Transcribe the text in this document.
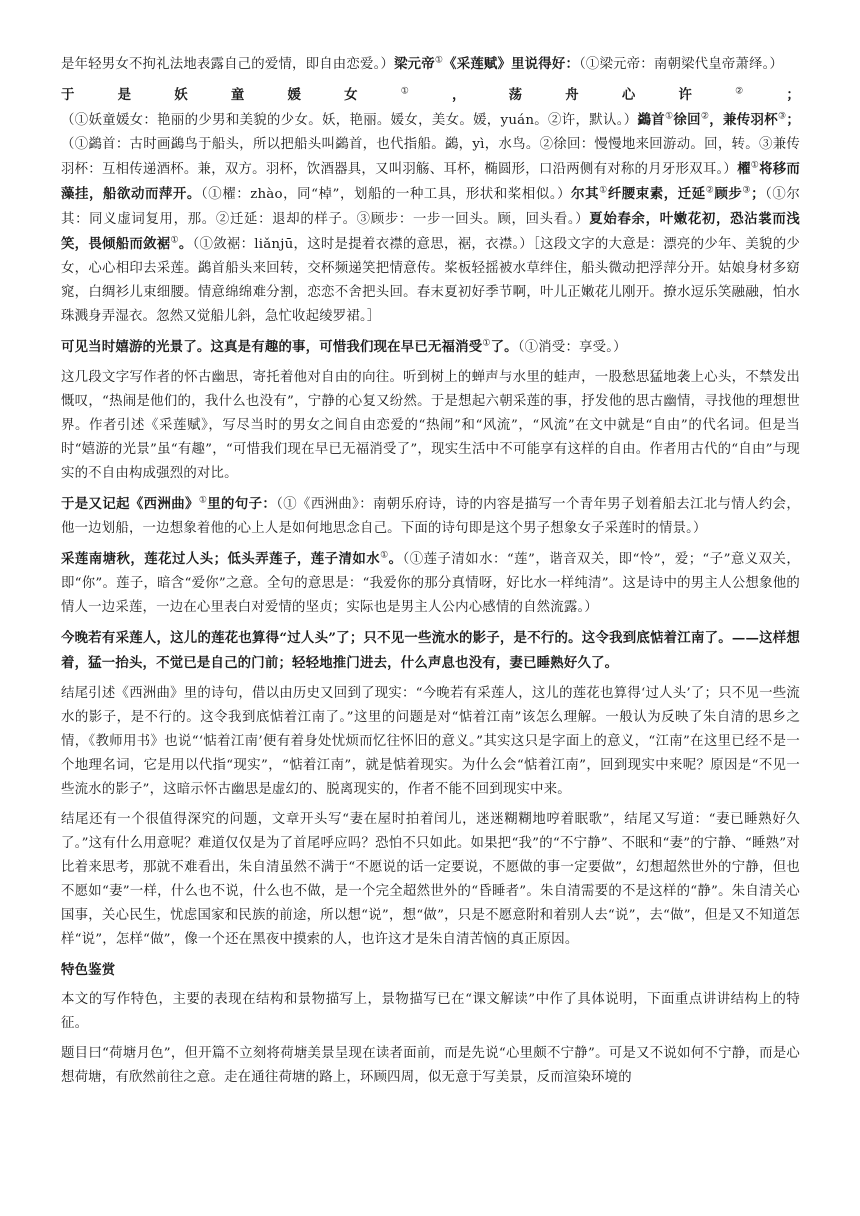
是年轻男女不拘礼法地表露自己的爱情，即自由恋爱。）梁元帝①《采莲赋》里说得好：（①梁元帝：南朝梁代皇帝萧绎。）

于是妖童媛女①，荡舟心许②；（①妖童媛女：艳丽的少男和美貌的少女。妖，艳丽。媛女，美女。媛，yuán。②许，默认。）鷁首①徐回②，兼传羽杯③；（①鷁首：古时画鷁鸟于船头，所以把船头叫鷁首，也代指船。鷁，yì，水鸟。②徐回：慢慢地来回游动。回，转。③兼传羽杯：互相传递酒杯。兼，双方。羽杯，饮酒器具，又叫羽觞、耳杯，椭圆形，口沿两侧有对称的月牙形双耳。）櫂①将移而藻挂，船欲动而萍开。（①櫂：zhào，同“棹”，划船的一种工具，形状和桨相似。）尔其①纤腰束素，迁延②顾步③；（①尔其：同义虚词复用，那。②迁延：退却的样子。③顾步：一步一回头。顾，回头看。）夏始春余，叶嫩花初，恐沾裳而浅笑，畏倾船而敛裾①。（①敛裾：liǎnjū，这时是提着衣襟的意思，裾，衣襟。）［这段文字的大意是：漂亮的少年、美貌的少女，心心相印去采莲。鷁首船头来回转，交杯频递笑把情意传。桨板轻摇被水草绊住，船头微动把浮萍分开。姑娘身材多窈窕，白绸衫儿束细腰。情意绵绵难分割，恋恋不舍把头回。春末夏初好季节啊，叶儿正嫩花儿刚开。撩水逗乐笑融融，怕水珠溅身弄湿衣。忽然又觉船儿斜，急忙收起绫罗裙。］

可见当时嬉游的光景了。这真是有趣的事，可惜我们现在早已无福消受①了。（①消受：享受。）

这几段文字写作者的怀古幽思，寄托着他对自由的向往。听到树上的蝉声与水里的蛙声，一股愁思猛地袭上心头，不禁发出慨叹，“热闹是他们的，我什么也没有”，宁静的心复又纷然。于是想起六朝采莲的事，抒发他的思古幽情，寻找他的理想世界。作者引述《采莲赋》，写尽当时的男女之间自由恋爱的“热闹”和“风流”，“风流”在文中就是“自由”的代名词。但是当时“嬉游的光景”虽“有趣”，“可惜我们现在早已无福消受了”，现实生活中不可能享有这样的自由。作者用古代的“自由”与现实的不自由构成强烈的对比。

于是又记起《西洲曲》①里的句子：（①《西洲曲》：南朝乐府诗，诗的内容是描写一个青年男子划着船去江北与情人约会，他一边划船，一边想象着他的心上人是如何地思念自己。下面的诗句即是这个男子想象女子采莲时的情景。）

采莲南塘秋，莲花过人头；低头弄莲子，莲子清如水①。（①莲子清如水：“莲”，谐音双关，即“怜”，爱；“子”意义双关，即“你”。莲子，暗含“爱你”之意。全句的意思是：“我爱你的那分真情呀，好比水一样纯清”。这是诗中的男主人公想象他的情人一边采莲，一边在心里表白对爱情的坚贞；实际也是男主人公内心感情的自然流露。）

今晚若有采莲人，这儿的莲花也算得“过人头”了；只不见一些流水的影子，是不行的。这令我到底惦着江南了。——这样想着，猛一抬头，不觉已是自己的门前；轻轻地推门进去，什么声息也没有，妻已睡熟好久了。

结尾引述《西洲曲》里的诗句，借以由历史又回到了现实：“今晚若有采莲人，这儿的莲花也算得‘过人头’了；只不见一些流水的影子，是不行的。这令我到底惦着江南了。”这里的问题是对“惦着江南”该怎么理解。一般认为反映了朱自清的思乡之情，《教师用书》也说“‘惦着江南’便有着身处忧烦而忆往怀旧的意义。”其实这只是字面上的意义，“江南”在这里已经不是一个地理名词，它是用以代指“现实”，“惦着江南”，就是惦着现实。为什么会“惦着江南”，回到现实中来呢？原因是“不见一些流水的影子”，这暗示怀古幽思是虚幻的、脱离现实的，作者不能不回到现实中来。

结尾还有一个很值得深究的问题，文章开头写“妻在屋时拍着闰儿，迷迷糊糊地哼着眠歌”，结尾又写道：“妻已睡熟好久了。”这有什么用意呢？难道仅仅是为了首尾呼应吗？恐怕不只如此。如果把“我”的“不宁静”、不眠和“妻”的宁静、“睡熟”对比着来思考，那就不难看出，朱自清虽然不满于“不愿说的话一定要说，不愿做的事一定要做”，幻想超然世外的宁静，但也不愿如“妻”一样，什么也不说，什么也不做，是一个完全超然世外的“昏睡者”。朱自清需要的不是这样的“静”。朱自清关心国事，关心民生，忧虑国家和民族的前途，所以想“说”，想“做”，只是不愿意附和着别人去“说”，去“做”，但是又不知道怎样“说”，怎样“做”，像一个还在黑夜中摸索的人，也许这才是朱自清苦恼的真正原因。

特色鉴赏

本文的写作特色，主要的表现在结构和景物描写上，景物描写已在“课文解读”中作了具体说明，下面重点讲讲结构上的特征。

题目曰“荷塘月色”，但开篇不立刻将荷塘美景呈现在读者面前，而是先说“心里颇不宁静”。可是又不说如何不宁静，而是心想荷塘，有欣然前往之意。走在通往荷塘的路上，环顾四周，似无意于写美景，反而渲染环境的
